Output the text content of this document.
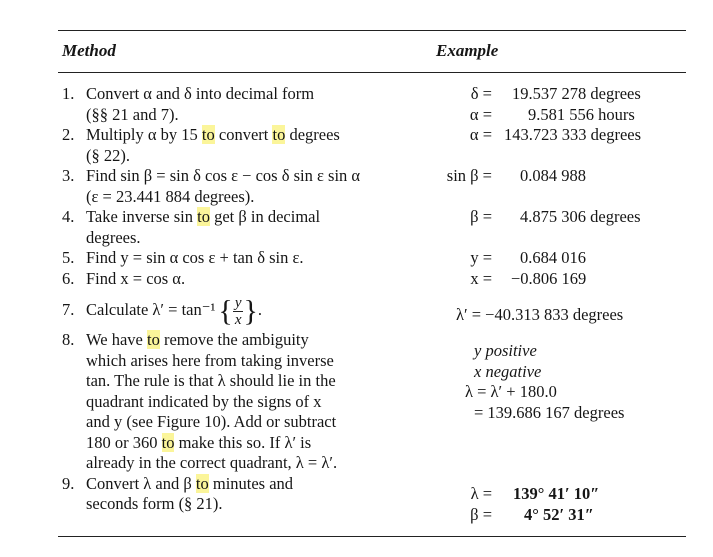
Method	Example
1. Convert α and δ into decimal form
(§§ 21 and 7).
2. Multiply α by 15 to convert to degrees
(§ 22).
3. Find sin β = sin δ cos ε − cos δ sin ε sin α
(ε = 23.441 884 degrees).
4. Take inverse sin to get β in decimal
degrees.
5. Find y = sin α cos ε + tan δ sin ε.
6. Find x = cos α.
7. Calculate λ′ = tan⁻¹ { $\frac{y}{x}$ }.
8. We have to remove the ambiguity
which arises here from taking inverse
tan. The rule is that λ should lie in the
quadrant indicated by the signs of x
and y (see Figure 10). Add or subtract
180 or 360 to make this so. If λ′ is
already in the correct quadrant, λ = λ′.
9. Convert λ and β to minutes and
seconds form (§ 21).
δ = 19.537 278 degrees
α = 9.581 556 hours
α = 143.723 333 degrees
sin β = 0.084 988
β = 4.875 306 degrees
y = 0.684 016
x = −0.806 169
λ′ = −40.313 833 degrees
y positive
x negative
λ = λ′ + 180.0
= 139.686 167 degrees
λ = 139° 41′ 10″
β = 4° 52′ 31″
